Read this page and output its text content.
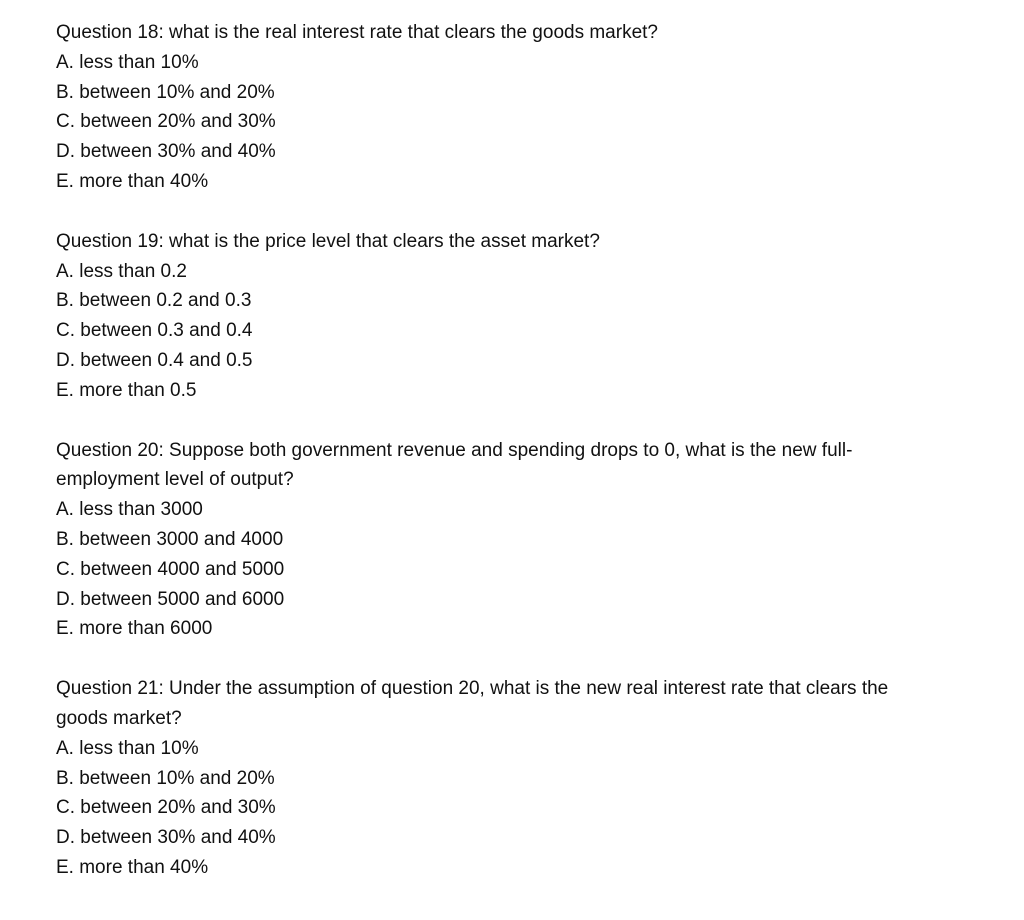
Question 18: what is the real interest rate that clears the goods market?
A. less than 10%
B. between 10% and 20%
C. between 20% and 30%
D. between 30% and 40%
E. more than 40%
Question 19: what is the price level that clears the asset market?
A. less than 0.2
B. between 0.2 and 0.3
C. between 0.3 and 0.4
D. between 0.4 and 0.5
E. more than 0.5
Question 20: Suppose both government revenue and spending drops to 0, what is the new full-employment level of output?
A. less than 3000
B. between 3000 and 4000
C. between 4000 and 5000
D. between 5000 and 6000
E. more than 6000
Question 21: Under the assumption of question 20, what is the new real interest rate that clears the goods market?
A. less than 10%
B. between 10% and 20%
C. between 20% and 30%
D. between 30% and 40%
E. more than 40%
